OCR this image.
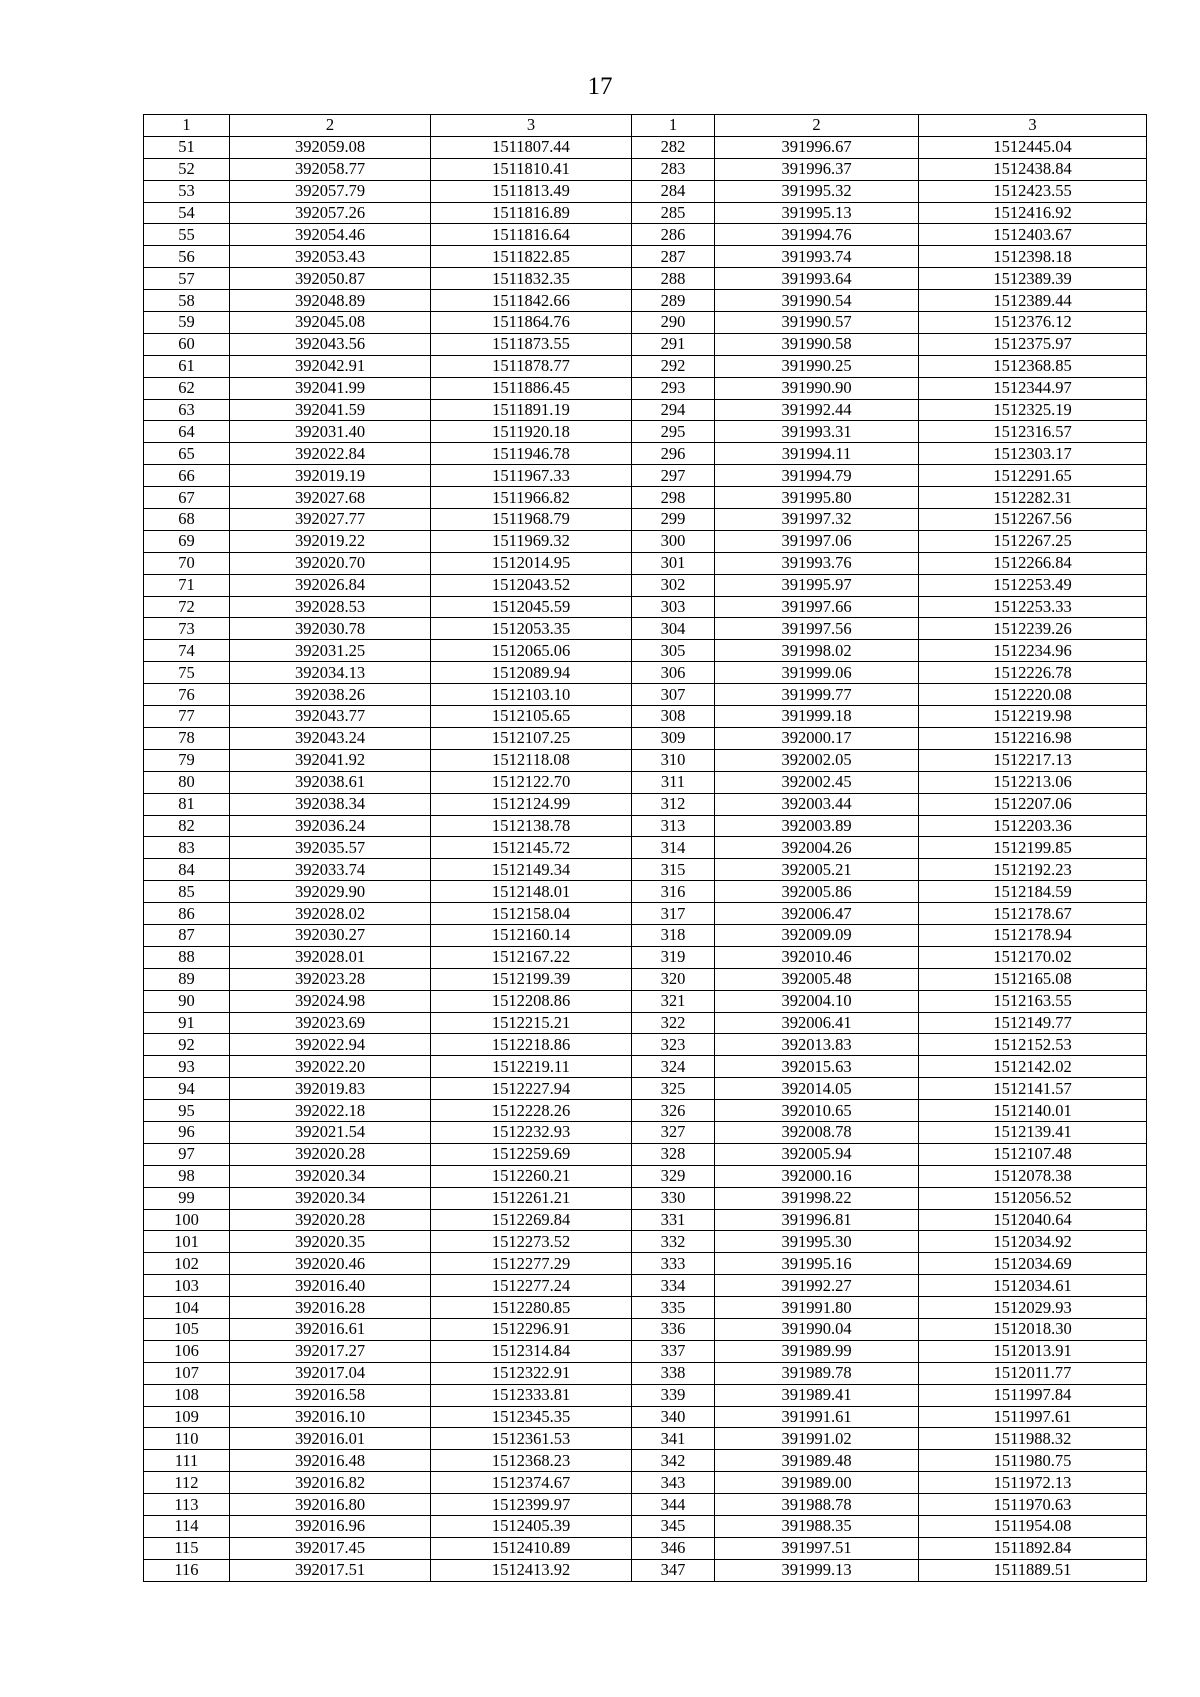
17
1	2	3	1	2	3
51	392059.08	1511807.44	282	391996.67	1512445.04
52	392058.77	1511810.41	283	391996.37	1512438.84
53	392057.79	1511813.49	284	391995.32	1512423.55
54	392057.26	1511816.89	285	391995.13	1512416.92
55	392054.46	1511816.64	286	391994.76	1512403.67
56	392053.43	1511822.85	287	391993.74	1512398.18
57	392050.87	1511832.35	288	391993.64	1512389.39
58	392048.89	1511842.66	289	391990.54	1512389.44
59	392045.08	1511864.76	290	391990.57	1512376.12
60	392043.56	1511873.55	291	391990.58	1512375.97
61	392042.91	1511878.77	292	391990.25	1512368.85
62	392041.99	1511886.45	293	391990.90	1512344.97
63	392041.59	1511891.19	294	391992.44	1512325.19
64	392031.40	1511920.18	295	391993.31	1512316.57
65	392022.84	1511946.78	296	391994.11	1512303.17
66	392019.19	1511967.33	297	391994.79	1512291.65
67	392027.68	1511966.82	298	391995.80	1512282.31
68	392027.77	1511968.79	299	391997.32	1512267.56
69	392019.22	1511969.32	300	391997.06	1512267.25
70	392020.70	1512014.95	301	391993.76	1512266.84
71	392026.84	1512043.52	302	391995.97	1512253.49
72	392028.53	1512045.59	303	391997.66	1512253.33
73	392030.78	1512053.35	304	391997.56	1512239.26
74	392031.25	1512065.06	305	391998.02	1512234.96
75	392034.13	1512089.94	306	391999.06	1512226.78
76	392038.26	1512103.10	307	391999.77	1512220.08
77	392043.77	1512105.65	308	391999.18	1512219.98
78	392043.24	1512107.25	309	392000.17	1512216.98
79	392041.92	1512118.08	310	392002.05	1512217.13
80	392038.61	1512122.70	311	392002.45	1512213.06
81	392038.34	1512124.99	312	392003.44	1512207.06
82	392036.24	1512138.78	313	392003.89	1512203.36
83	392035.57	1512145.72	314	392004.26	1512199.85
84	392033.74	1512149.34	315	392005.21	1512192.23
85	392029.90	1512148.01	316	392005.86	1512184.59
86	392028.02	1512158.04	317	392006.47	1512178.67
87	392030.27	1512160.14	318	392009.09	1512178.94
88	392028.01	1512167.22	319	392010.46	1512170.02
89	392023.28	1512199.39	320	392005.48	1512165.08
90	392024.98	1512208.86	321	392004.10	1512163.55
91	392023.69	1512215.21	322	392006.41	1512149.77
92	392022.94	1512218.86	323	392013.83	1512152.53
93	392022.20	1512219.11	324	392015.63	1512142.02
94	392019.83	1512227.94	325	392014.05	1512141.57
95	392022.18	1512228.26	326	392010.65	1512140.01
96	392021.54	1512232.93	327	392008.78	1512139.41
97	392020.28	1512259.69	328	392005.94	1512107.48
98	392020.34	1512260.21	329	392000.16	1512078.38
99	392020.34	1512261.21	330	391998.22	1512056.52
100	392020.28	1512269.84	331	391996.81	1512040.64
101	392020.35	1512273.52	332	391995.30	1512034.92
102	392020.46	1512277.29	333	391995.16	1512034.69
103	392016.40	1512277.24	334	391992.27	1512034.61
104	392016.28	1512280.85	335	391991.80	1512029.93
105	392016.61	1512296.91	336	391990.04	1512018.30
106	392017.27	1512314.84	337	391989.99	1512013.91
107	392017.04	1512322.91	338	391989.78	1512011.77
108	392016.58	1512333.81	339	391989.41	1511997.84
109	392016.10	1512345.35	340	391991.61	1511997.61
110	392016.01	1512361.53	341	391991.02	1511988.32
111	392016.48	1512368.23	342	391989.48	1511980.75
112	392016.82	1512374.67	343	391989.00	1511972.13
113	392016.80	1512399.97	344	391988.78	1511970.63
114	392016.96	1512405.39	345	391988.35	1511954.08
115	392017.45	1512410.89	346	391997.51	1511892.84
116	392017.51	1512413.92	347	391999.13	1511889.51
